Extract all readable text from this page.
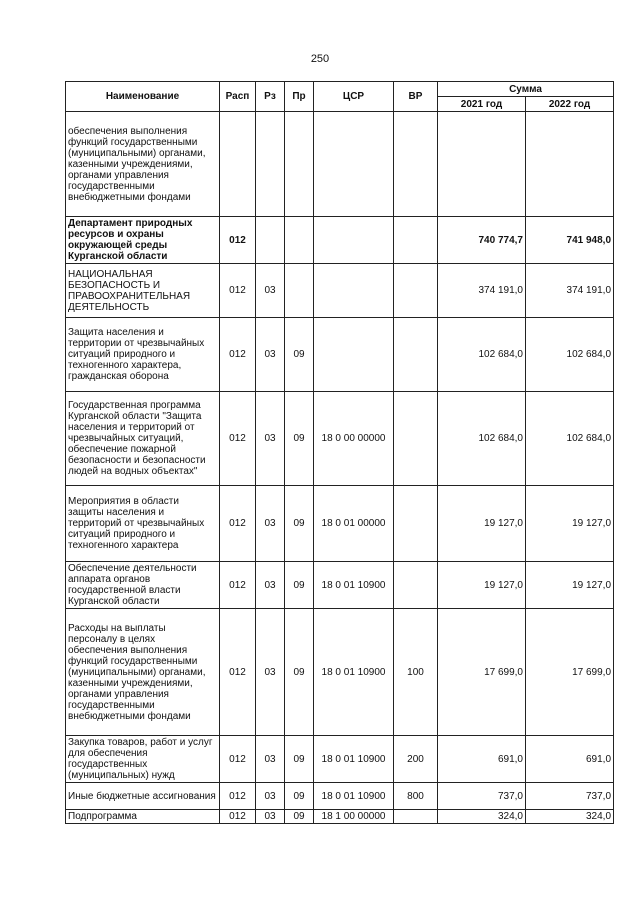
250
Наименование	Расп	Рз	Пр	ЦСР	ВР	Сумма	
						2021 год	2022 год
обеспечения выполнения функций государственными (муниципальными) органами, казенными учреждениями, органами управления государственными внебюджетными фондами							
Департамент природных ресурсов и охраны окружающей среды Курганской области	012					740 774,7	741 948,0
НАЦИОНАЛЬНАЯ БЕЗОПАСНОСТЬ И ПРАВООХРАНИТЕЛЬНАЯ ДЕЯТЕЛЬНОСТЬ	012	03				374 191,0	374 191,0
Защита населения и территории от чрезвычайных ситуаций природного и техногенного характера, гражданская оборона	012	03	09			102 684,0	102 684,0
Государственная программа Курганской области "Защита населения и территорий от чрезвычайных ситуаций, обеспечение пожарной безопасности и безопасности людей на водных объектах"	012	03	09	18 0 00 00000		102 684,0	102 684,0
Мероприятия в области защиты населения и территорий от чрезвычайных ситуаций природного и техногенного характера	012	03	09	18 0 01 00000		19 127,0	19 127,0
Обеспечение деятельности аппарата органов государственной власти Курганской области	012	03	09	18 0 01 10900		19 127,0	19 127,0
Расходы на выплаты персоналу в целях обеспечения выполнения функций государственными (муниципальными) органами, казенными учреждениями, органами управления государственными внебюджетными фондами	012	03	09	18 0 01 10900	100	17 699,0	17 699,0
Закупка товаров, работ и услуг для обеспечения государственных (муниципальных) нужд	012	03	09	18 0 01 10900	200	691,0	691,0
Иные бюджетные ассигнования	012	03	09	18 0 01 10900	800	737,0	737,0
Подпрограмма	012	03	09	18 1 00 00000		324,0	324,0
